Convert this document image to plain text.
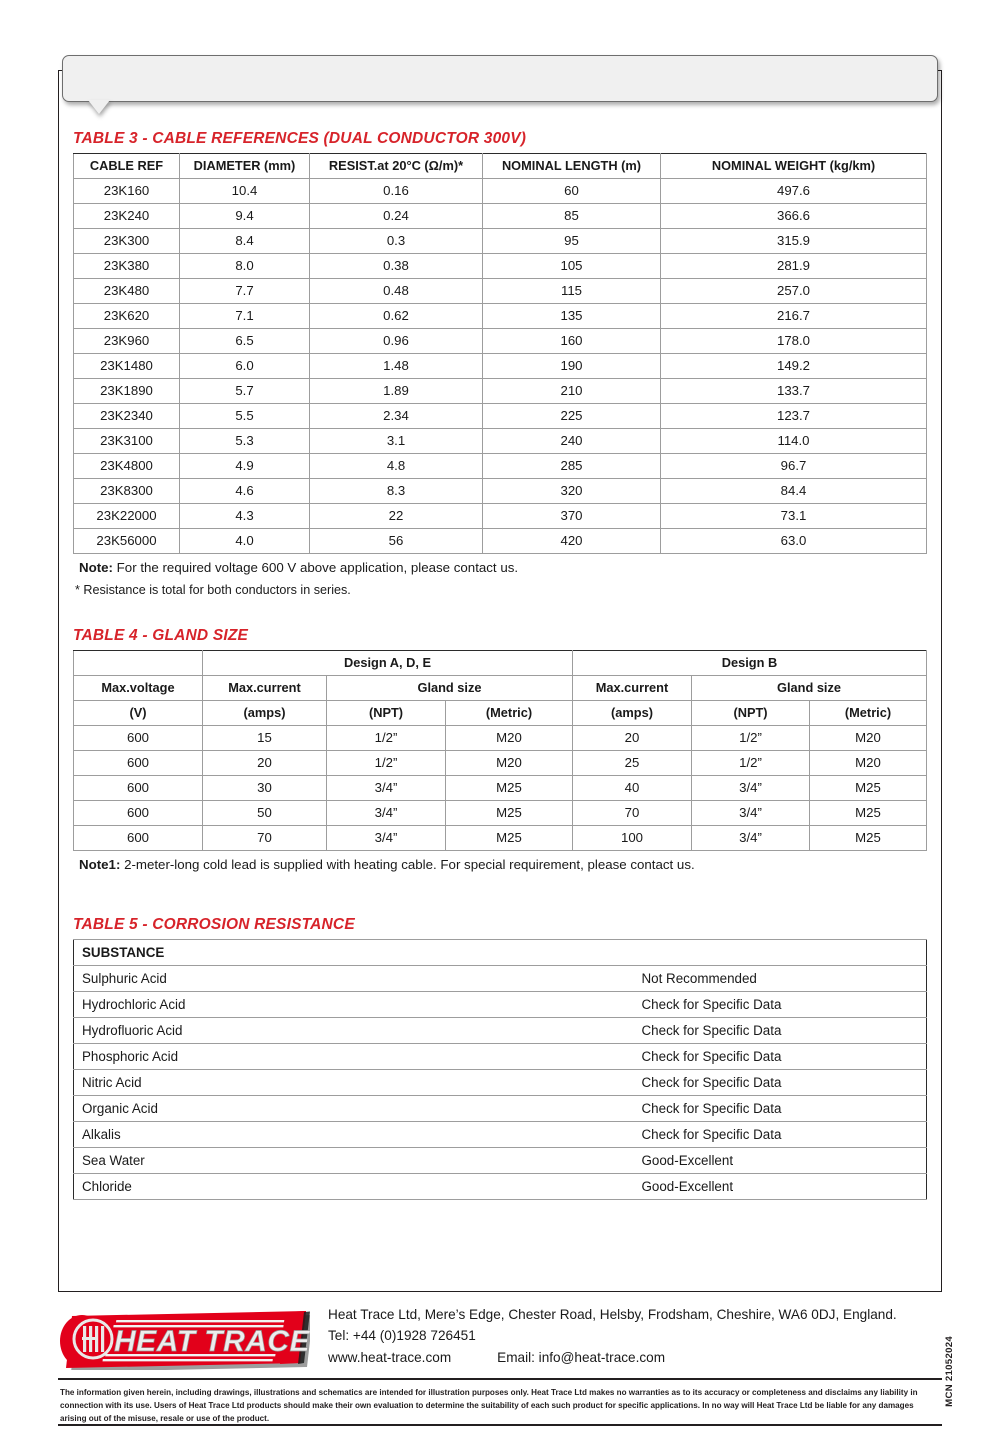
TABLE 3 - CABLE REFERENCES (DUAL CONDUCTOR 300V)
CABLE REF	DIAMETER (mm)	RESIST.at 20°C (Ω/m)*	NOMINAL LENGTH (m)	NOMINAL WEIGHT (kg/km)
23K160	10.4	0.16	60	497.6
23K240	9.4	0.24	85	366.6
23K300	8.4	0.3	95	315.9
23K380	8.0	0.38	105	281.9
23K480	7.7	0.48	115	257.0
23K620	7.1	0.62	135	216.7
23K960	6.5	0.96	160	178.0
23K1480	6.0	1.48	190	149.2
23K1890	5.7	1.89	210	133.7
23K2340	5.5	2.34	225	123.7
23K3100	5.3	3.1	240	114.0
23K4800	4.9	4.8	285	96.7
23K8300	4.6	8.3	320	84.4
23K22000	4.3	22	370	73.1
23K56000	4.0	56	420	63.0
Note: For the required voltage 600 V above application, please contact us.
* Resistance is total for both conductors in series.
TABLE 4 - GLAND SIZE
	Design A, D, E			Design B		
Max.voltage	Max.current	Gland size		Max.current	Gland size	
(V)	(amps)	(NPT)	(Metric)	(amps)	(NPT)	(Metric)
600	15	1/2”	M20	20	1/2”	M20
600	20	1/2”	M20	25	1/2”	M20
600	30	3/4”	M25	40	3/4”	M25
600	50	3/4”	M25	70	3/4”	M25
600	70	3/4”	M25	100	3/4”	M25
Note1: 2-meter-long cold lead is supplied with heating cable. For special requirement, please contact us.
TABLE 5 - CORROSION RESISTANCE
SUBSTANCE	
Sulphuric Acid	Not Recommended
Hydrochloric Acid	Check for Specific Data
Hydrofluoric Acid	Check for Specific Data
Phosphoric Acid	Check for Specific Data
Nitric Acid	Check for Specific Data
Organic Acid	Check for Specific Data
Alkalis	Check for Specific Data
Sea Water	Good-Excellent
Chloride	Good-Excellent
HEAT TRACE
Heat Trace Ltd, Mere’s Edge, Chester Road, Helsby, Frodsham, Cheshire, WA6 0DJ, England.
Tel: +44 (0)1928 726451
www.heat-trace.com	Email: info@heat-trace.com
The information given herein, including drawings, illustrations and schematics are intended for illustration purposes only. Heat Trace Ltd makes no warranties as to its accuracy or completeness and disclaims any liability in connection with its use. Users of Heat Trace Ltd products should make their own evaluation to determine the suitability of each such product for specific applications. In no way will Heat Trace Ltd be liable for any damages arising out of the misuse, resale or use of the product.
MCN 21052024
